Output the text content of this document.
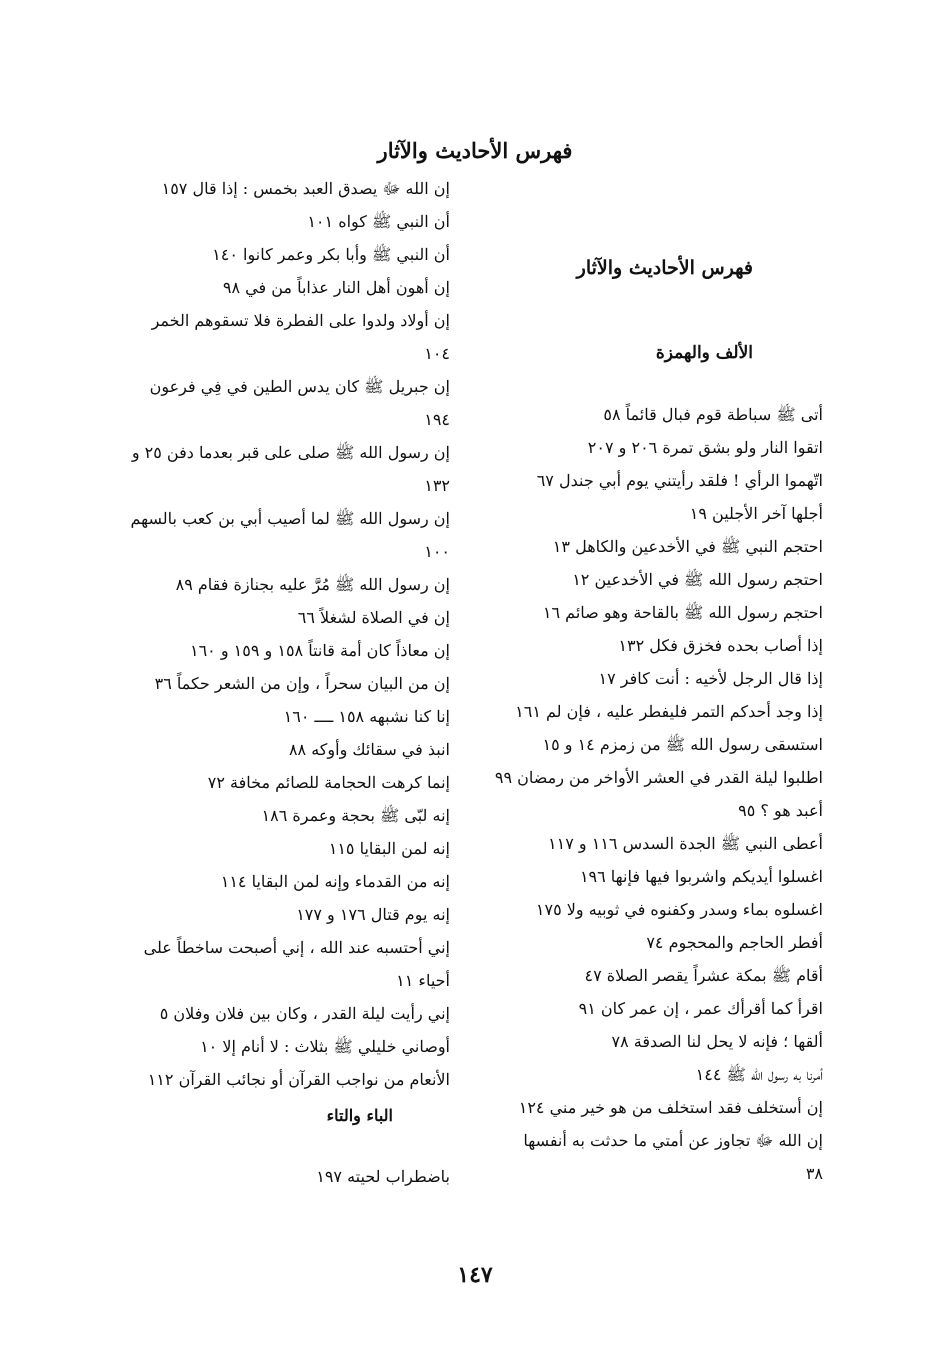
فهرس الأحاديث والآثار
فهرس الأحاديث والآثار
الألف والهمزة
أتى ﷺ سباطة قوم فبال قائماً ٥٨
اتقوا النار ولو بشق تمرة ٢٠٦ و ٢٠٧
اتّهموا الرأي ! فلقد رأيتني يوم أبي جندل ٦٧
أجلها آخر الأجلين ١٩
احتجم النبي ﷺ في الأخدعين والكاهل ١٣
احتجم رسول الله ﷺ في الأخدعين ١٢
احتجم رسول الله ﷺ بالقاحة وهو صائم ١٦
إذا أصاب بحده فخزق فكل ١٣٢
إذا قال الرجل لأخيه : أنت كافر ١٧
إذا وجد أحدكم التمر فليفطر عليه ، فإن لم ١٦١
استسقى رسول الله ﷺ من زمزم ١٤ و ١٥
اطلبوا ليلة القدر في العشر الأواخر من رمضان ٩٩
أعبد هو ؟ ٩٥
أعطى النبي ﷺ الجدة السدس ١١٦ و ١١٧
اغسلوا أيديكم واشربوا فيها فإنها ١٩٦
اغسلوه بماء وسدر وكفنوه في ثوبيه ولا ١٧٥
أفطر الحاجم والمحجوم ٧٤
أقام ﷺ بمكة عشراً يقصر الصلاة ٤٧
اقرأ كما أقرأك عمر ، إن عمر كان ٩١
ألقها ؛ فإنه لا يحل لنا الصدقة ٧٨
أمرنا به رسول الله ﷺ ١٤٤
إن أستخلف فقد استخلف من هو خير مني ١٢٤
إن الله ﷻ تجاوز عن أمتي ما حدثت به أنفسها
٣٨
إن الله ﷻ يصدق العبد بخمس : إذا قال ١٥٧
أن النبي ﷺ كواه ١٠١
أن النبي ﷺ وأبا بكر وعمر كانوا ١٤٠
إن أهون أهل النار عذاباً من في ٩٨
إن أولاد ولدوا على الفطرة فلا تسقوهم الخمر
١٠٤
إن جبريل ﷺ كان يدس الطين في فِي فرعون
١٩٤
إن رسول الله ﷺ صلى على قبر بعدما دفن ٢٥ و
١٣٢
إن رسول الله ﷺ لما أصيب أبي بن كعب بالسهم
١٠٠
إن رسول الله ﷺ مُرَّ عليه بجنازة فقام ٨٩
إن في الصلاة لشغلاً ٦٦
إن معاذاً كان أمة قانتاً ١٥٨ و ١٥٩ و ١٦٠
إن من البيان سحراً ، وإن من الشعر حكماً ٣٦
إنا كنا نشبهه ١٥٨ ــــ ١٦٠
انبذ في سقائك وأوكه ٨٨
إنما كرهت الحجامة للصائم مخافة ٧٢
إنه لبّى ﷺ بحجة وعمرة ١٨٦
إنه لمن البقايا ١١٥
إنه من القدماء وإنه لمن البقايا ١١٤
إنه يوم قتال ١٧٦ و ١٧٧
إني أحتسبه عند الله ، إني أصبحت ساخطاً على
أحياء ١١
إني رأيت ليلة القدر ، وكان بين فلان وفلان ٥
أوصاني خليلي ﷺ بثلاث : لا أنام إلا ١٠
الأنعام من نواجب القرآن أو نجائب القرآن ١١٢
الباء والتاء
باضطراب لحيته ١٩٧
١٤٧
